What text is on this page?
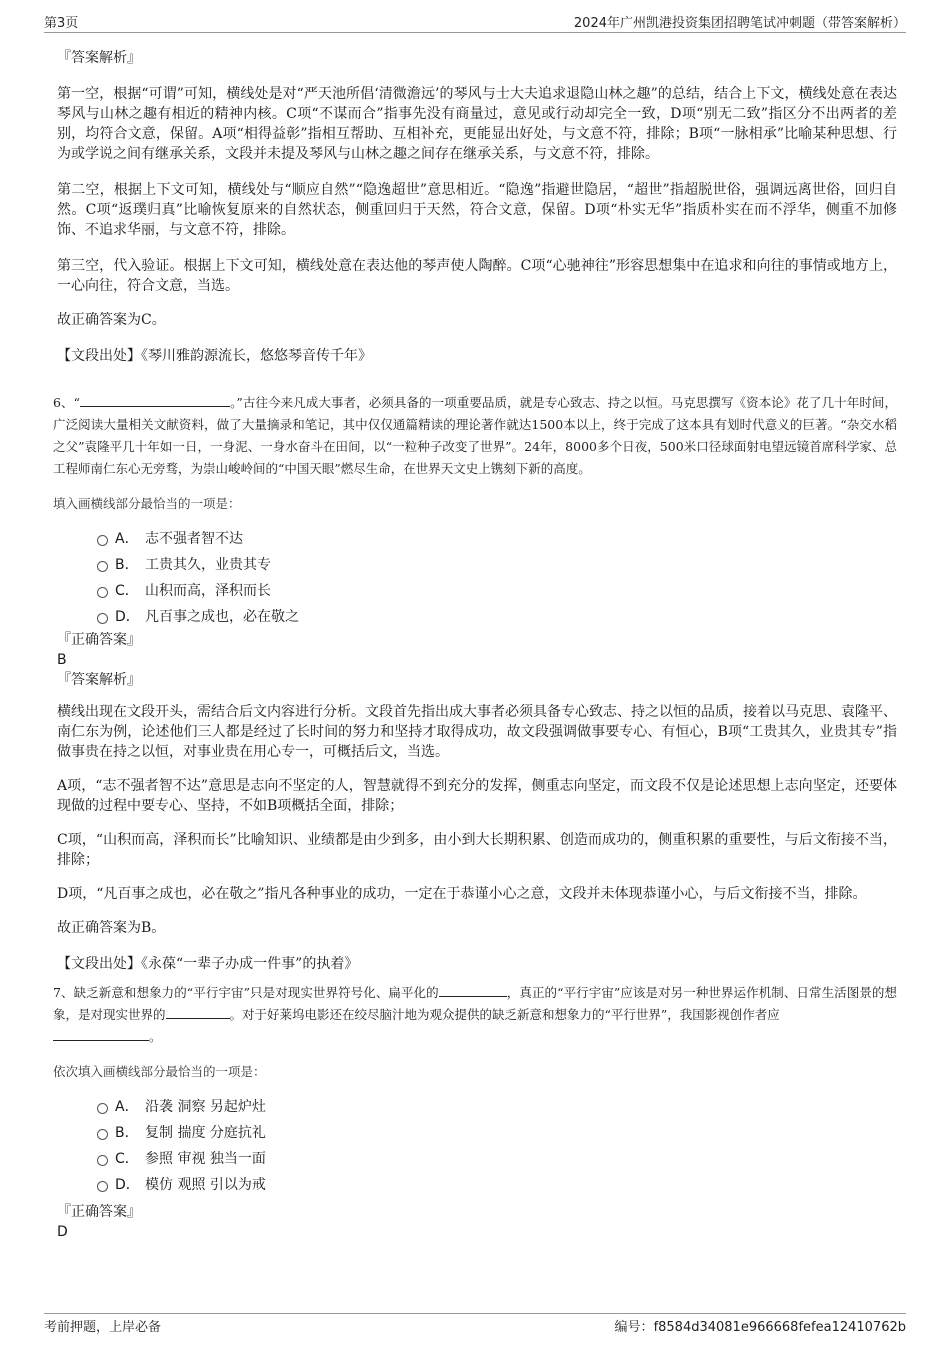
第3页	2024年广州凯港投资集团招聘笔试冲刺题（带答案解析）

『答案解析』

第一空，根据“可谓”可知，横线处是对“严天池所倡‘清微澹远’的琴风与士大夫追求退隐山林之趣”的总结，结合上下文，横线处意在表达琴风与山林之趣有相近的精神内核。C项“不谋而合”指事先没有商量过，意见或行动却完全一致，D项“别无二致”指区分不出两者的差别，均符合文意，保留。A项“相得益彰”指相互帮助、互相补充，更能显出好处，与文意不符，排除；B项“一脉相承”比喻某种思想、行为或学说之间有继承关系，文段并未提及琴风与山林之趣之间存在继承关系，与文意不符，排除。

第二空，根据上下文可知，横线处与“顺应自然”“隐逸超世”意思相近。“隐逸”指避世隐居，“超世”指超脱世俗，强调远离世俗，回归自然。C项“返璞归真”比喻恢复原来的自然状态，侧重回归于天然，符合文意，保留。D项“朴实无华”指质朴实在而不浮华，侧重不加修饰、不追求华丽，与文意不符，排除。

第三空，代入验证。根据上下文可知，横线处意在表达他的琴声使人陶醉。C项“心驰神往”形容思想集中在追求和向往的事情或地方上，一心向往，符合文意，当选。

故正确答案为C。

【文段出处】《琴川雅韵源流长，悠悠琴音传千年》

6、“	。”古往今来凡成大事者，必须具备的一项重要品质，就是专心致志、持之以恒。马克思撰写《资本论》花了几十年时间，广泛阅读大量相关文献资料，做了大量摘录和笔记，其中仅仅通篇精读的理论著作就达1500本以上，终于完成了这本具有划时代意义的巨著。“杂交水稻之父”袁隆平几十年如一日，一身泥、一身水奋斗在田间，以“一粒种子改变了世界”。24年，8000多个日夜，500米口径球面射电望远镜首席科学家、总工程师南仁东心无旁骛，为崇山峻岭间的“中国天眼”燃尽生命，在世界天文史上镌刻下新的高度。

填入画横线部分最恰当的一项是：

A． 志不强者智不达
B． 工贵其久，业贵其专
C． 山积而高，泽积而长
D． 凡百事之成也，必在敬之

『正确答案』

B

『答案解析』

横线出现在文段开头，需结合后文内容进行分析。文段首先指出成大事者必须具备专心致志、持之以恒的品质，接着以马克思、袁隆平、南仁东为例，论述他们三人都是经过了长时间的努力和坚持才取得成功，故文段强调做事要专心、有恒心，B项“工贵其久，业贵其专”指做事贵在持之以恒，对事业贵在用心专一，可概括后文，当选。

A项，“志不强者智不达”意思是志向不坚定的人，智慧就得不到充分的发挥，侧重志向坚定，而文段不仅是论述思想上志向坚定，还要体现做的过程中要专心、坚持，不如B项概括全面，排除；

C项，“山积而高，泽积而长”比喻知识、业绩都是由少到多，由小到大长期积累、创造而成功的，侧重积累的重要性，与后文衔接不当，排除；

D项，“凡百事之成也，必在敬之”指凡各种事业的成功，一定在于恭谨小心之意，文段并未体现恭谨小心，与后文衔接不当，排除。

故正确答案为B。

【文段出处】《永葆“一辈子办成一件事”的执着》

7、缺乏新意和想象力的“平行宇宙”只是对现实世界符号化、扁平化的	，真正的“平行宇宙”应该是对另一种世界运作机制、日常生活图景的想象，是对现实世界的	。对于好莱坞电影还在绞尽脑汁地为观众提供的缺乏新意和想象力的“平行世界”，我国影视创作者应
。

依次填入画横线部分最恰当的一项是：

A． 沿袭 洞察 另起炉灶
B． 复制 揣度 分庭抗礼
C． 参照 审视 独当一面
D． 模仿 观照 引以为戒

『正确答案』

D

考前押题，上岸必备	编号：f8584d34081e966668fefea12410762b
